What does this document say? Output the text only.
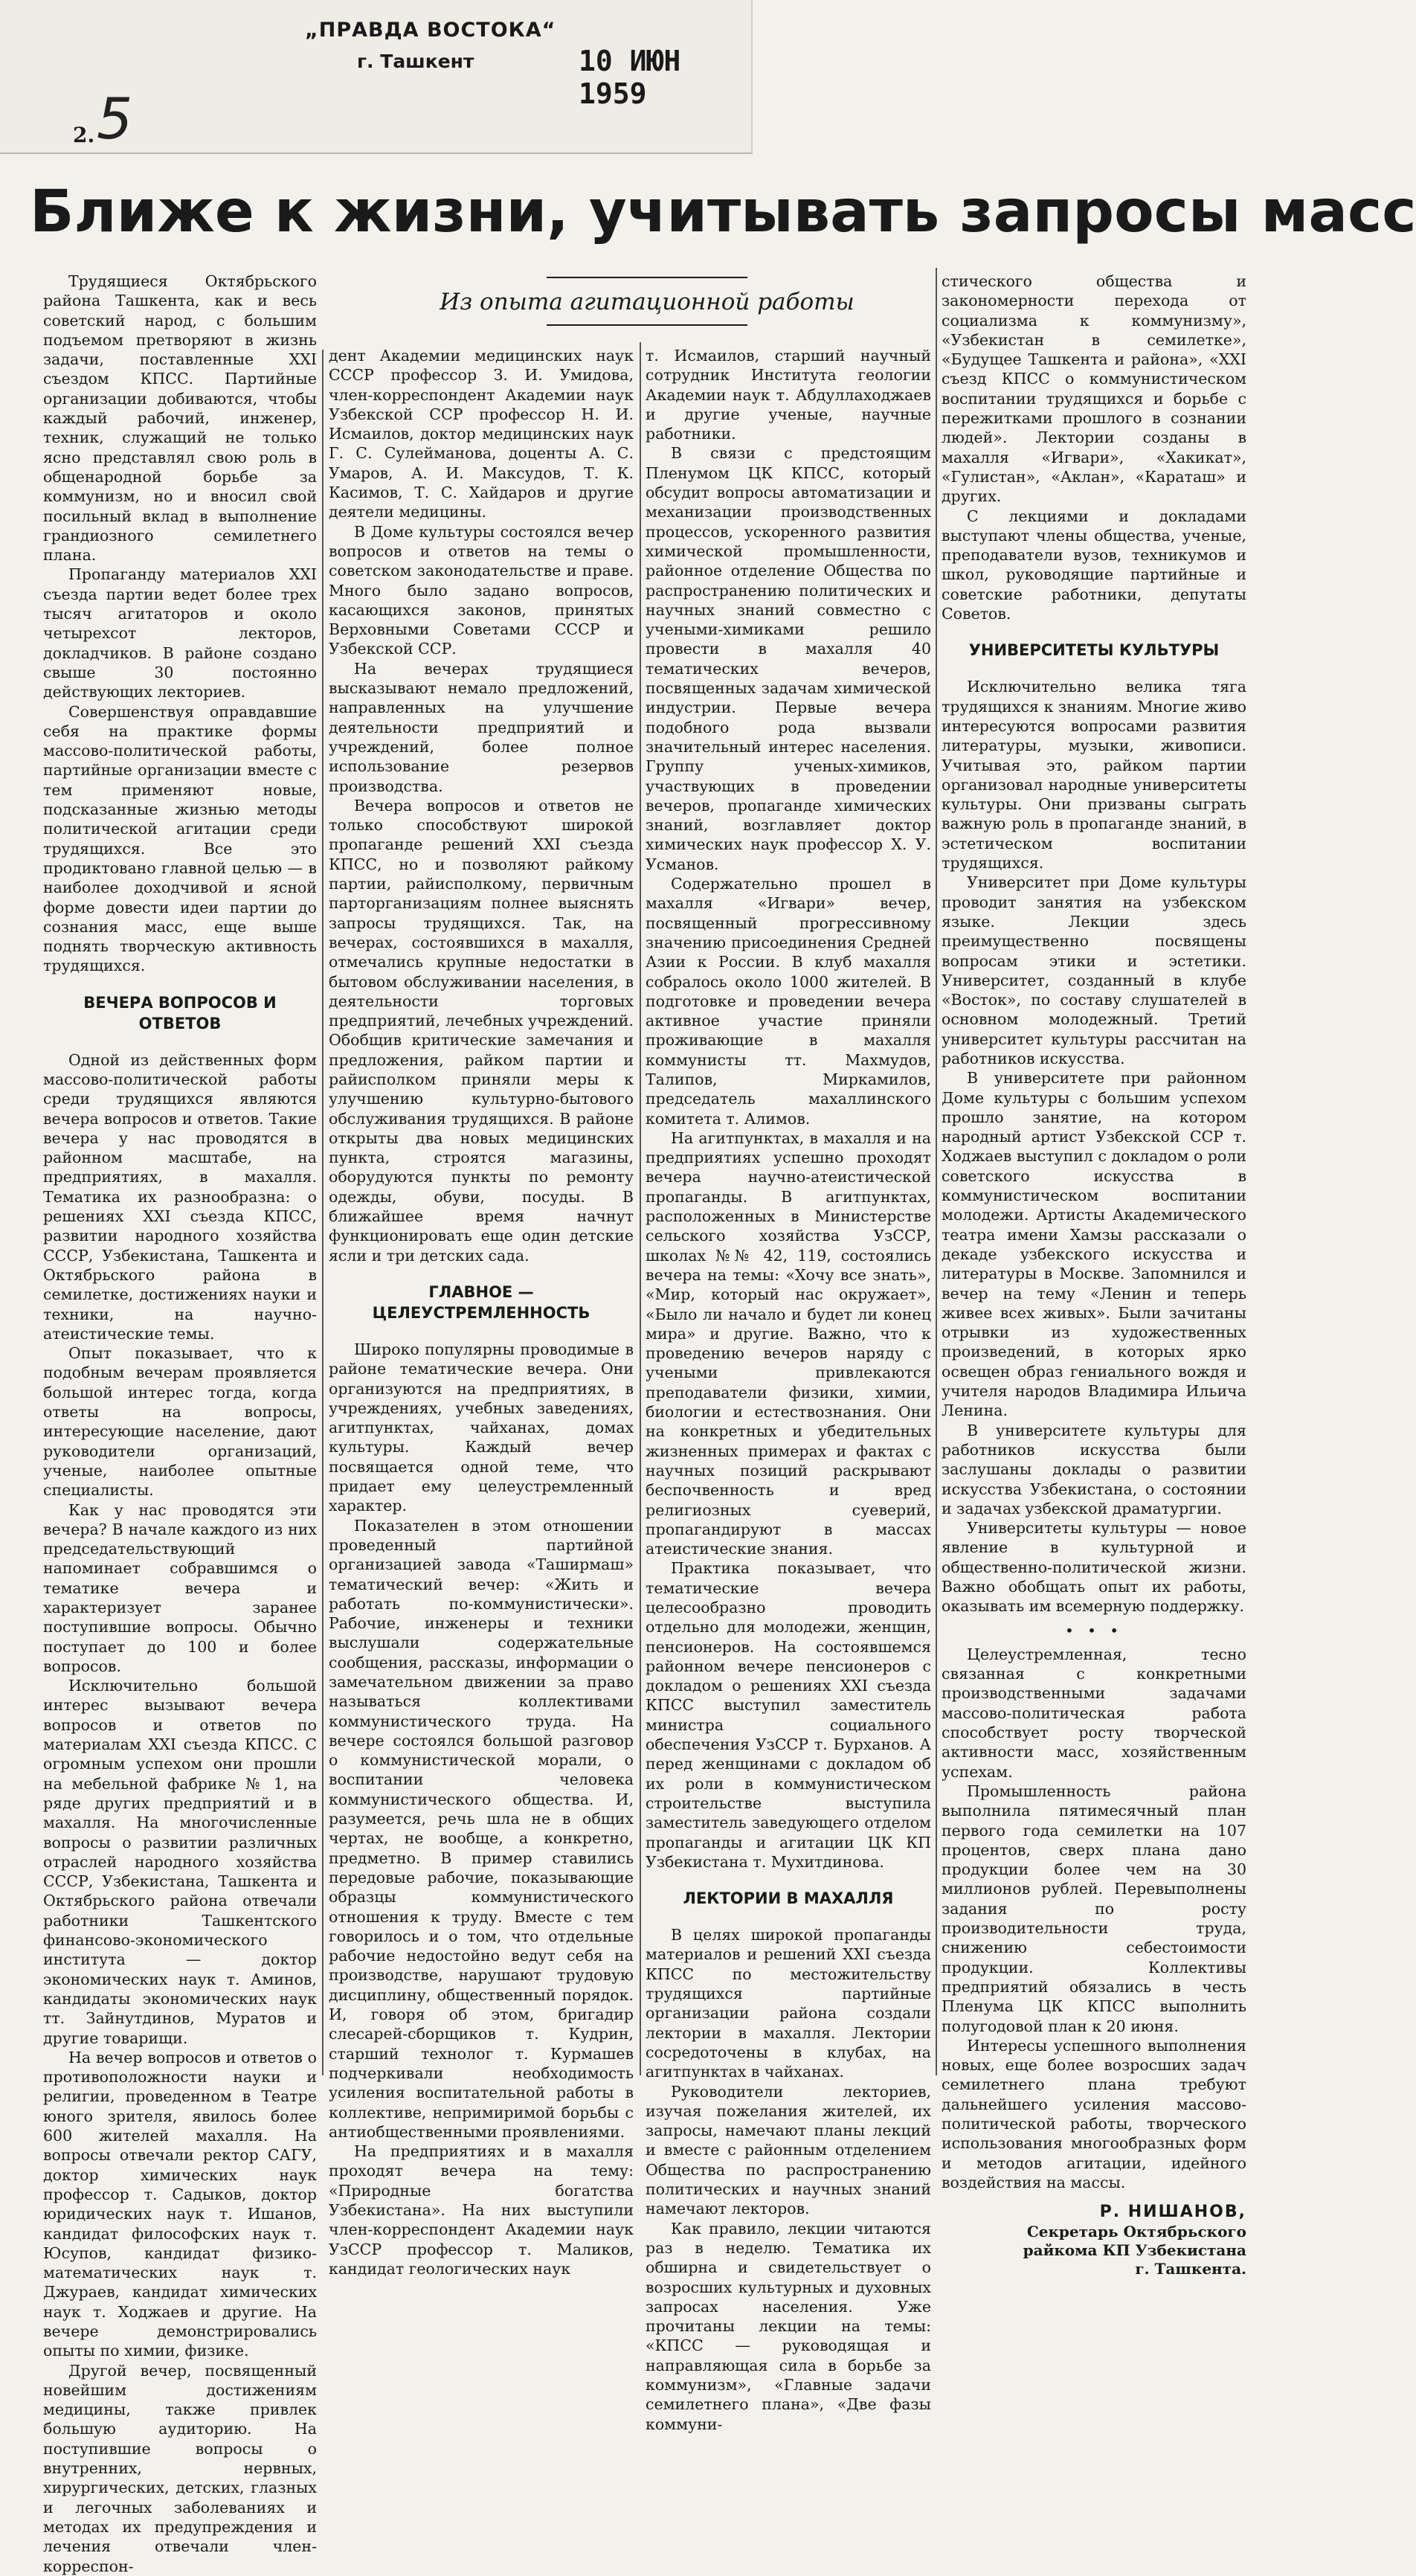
„ПРАВДА ВОСТОКА“
г. Ташкент	10 ИЮН 1959
5
2.
Ближе к жизни, учитывать запросы масс
Из опыта агитационной работы

Трудящиеся Октябрьского района Ташкента, как и весь советский народ, с большим подъемом претворяют в жизнь задачи, поставленные XXI съездом КПСС. Партийные организации добиваются, чтобы каждый рабочий, инженер, техник, служащий не только ясно представлял свою роль в общенародной борьбе за коммунизм, но и вносил свой посильный вклад в выполнение грандиозного семилетнего плана.

Пропаганду материалов XXI съезда партии ведет более трех тысяч агитаторов и около четырехсот лекторов, докладчиков. В районе создано свыше 30 постоянно действующих лекториев.

Совершенствуя оправдавшие себя на практике формы массово-политической работы, партийные организации вместе с тем применяют новые, подсказанные жизнью методы политической агитации среди трудящихся. Все это продиктовано главной целью — в наиболее доходчивой и ясной форме довести идеи партии до сознания масс, еще выше поднять творческую активность трудящихся.

ВЕЧЕРА ВОПРОСОВ И ОТВЕТОВ

Одной из действенных форм массово-политической работы среди трудящихся являются вечера вопросов и ответов. Такие вечера у нас проводятся в районном масштабе, на предприятиях, в махалля. Тематика их разнообразна: о решениях XXI съезда КПСС, развитии народного хозяйства СССР, Узбекистана, Ташкента и Октябрьского района в семилетке, достижениях науки и техники, на научно-атеистические темы.

Опыт показывает, что к подобным вечерам проявляется большой интерес тогда, когда ответы на вопросы, интересующие население, дают руководители организаций, ученые, наиболее опытные специалисты.

Как у нас проводятся эти вечера? В начале каждого из них председательствующий напоминает собравшимся о тематике вечера и характеризует заранее поступившие вопросы. Обычно поступает до 100 и более вопросов.

Исключительно большой интерес вызывают вечера вопросов и ответов по материалам XXI съезда КПСС. С огромным успехом они прошли на мебельной фабрике № 1, на ряде других предприятий и в махалля. На многочисленные вопросы о развитии различных отраслей народного хозяйства СССР, Узбекистана, Ташкента и Октябрьского района отвечали работники Ташкентского финансово-экономического института — доктор экономических наук т. Аминов, кандидаты экономических наук тт. Зайнутдинов, Муратов и другие товарищи.

На вечер вопросов и ответов о противоположности науки и религии, проведенном в Театре юного зрителя, явилось более 600 жителей махалля. На вопросы отвечали ректор САГУ, доктор химических наук профессор т. Садыков, доктор юридических наук т. Ишанов, кандидат философских наук т. Юсупов, кандидат физико-математических наук т. Джураев, кандидат химических наук т. Ходжаев и другие. На вечере демонстрировались опыты по химии, физике.

Другой вечер, посвященный новейшим достижениям медицины, также привлек большую аудиторию. На поступившие вопросы о внутренних, нервных, хирургических, детских, глазных и легочных заболеваниях и методах их предупреждения и лечения отвечали член-корреспон-

дент Академии медицинских наук СССР профессор З. И. Умидова, член-корреспондент Академии наук Узбекской ССР профессор Н. И. Исмаилов, доктор медицинских наук Г. С. Сулейманова, доценты А. С. Умаров, А. И. Максудов, Т. К. Касимов, Т. С. Хайдаров и другие деятели медицины.

В Доме культуры состоялся вечер вопросов и ответов на темы о советском законодательстве и праве. Много было задано вопросов, касающихся законов, принятых Верховными Советами СССР и Узбекской ССР.

На вечерах трудящиеся высказывают немало предложений, направленных на улучшение деятельности предприятий и учреждений, более полное использование резервов производства.

Вечера вопросов и ответов не только способствуют широкой пропаганде решений XXI съезда КПСС, но и позволяют райкому партии, райисполкому, первичным парторганизациям полнее выяснять запросы трудящихся. Так, на вечерах, состоявшихся в махалля, отмечались крупные недостатки в бытовом обслуживании населения, в деятельности торговых предприятий, лечебных учреждений. Обобщив критические замечания и предложения, райком партии и райисполком приняли меры к улучшению культурно-бытового обслуживания трудящихся. В районе открыты два новых медицинских пункта, строятся магазины, оборудуются пункты по ремонту одежды, обуви, посуды. В ближайшее время начнут функционировать еще один детские ясли и три детских сада.

ГЛАВНОЕ — ЦЕЛЕУСТРЕМЛЕННОСТЬ

Широко популярны проводимые в районе тематические вечера. Они организуются на предприятиях, в учреждениях, учебных заведениях, агитпунктах, чайханах, домах культуры. Каждый вечер посвящается одной теме, что придает ему целеустремленный характер.

Показателен в этом отношении проведенный партийной организацией завода «Таширмаш» тематический вечер: «Жить и работать по-коммунистически». Рабочие, инженеры и техники выслушали содержательные сообщения, рассказы, информации о замечательном движении за право называться коллективами коммунистического труда. На вечере состоялся большой разговор о коммунистической морали, о воспитании человека коммунистического общества. И, разумеется, речь шла не в общих чертах, не вообще, а конкретно, предметно. В пример ставились передовые рабочие, показывающие образцы коммунистического отношения к труду. Вместе с тем говорилось и о том, что отдельные рабочие недостойно ведут себя на производстве, нарушают трудовую дисциплину, общественный порядок. И, говоря об этом, бригадир слесарей-сборщиков т. Кудрин, старший технолог т. Курмашев подчеркивали необходимость усиления воспитательной работы в коллективе, непримиримой борьбы с антиобщественными проявлениями.

На предприятиях и в махалля проходят вечера на тему: «Природные богатства Узбекистана». На них выступили член-корреспондент Академии наук УзССР профессор т. Маликов, кандидат геологических наук

т. Исмаилов, старший научный сотрудник Института геологии Академии наук т. Абдуллаходжаев и другие ученые, научные работники.

В связи с предстоящим Пленумом ЦК КПСС, который обсудит вопросы автоматизации и механизации производственных процессов, ускоренного развития химической промышленности, районное отделение Общества по распространению политических и научных знаний совместно с учеными-химиками решило провести в махалля 40 тематических вечеров, посвященных задачам химической индустрии. Первые вечера подобного рода вызвали значительный интерес населения. Группу ученых-химиков, участвующих в проведении вечеров, пропаганде химических знаний, возглавляет доктор химических наук профессор Х. У. Усманов.

Содержательно прошел в махалля «Игвари» вечер, посвященный прогрессивному значению присоединения Средней Азии к России. В клуб махалля собралось около 1000 жителей. В подготовке и проведении вечера активное участие приняли проживающие в махалля коммунисты тт. Махмудов, Талипов, Миркамилов, председатель махаллинского комитета т. Алимов.

На агитпунктах, в махалля и на предприятиях успешно проходят вечера научно-атеистической пропаганды. В агитпунктах, расположенных в Министерстве сельского хозяйства УзССР, школах №№ 42, 119, состоялись вечера на темы: «Хочу все знать», «Мир, который нас окружает», «Было ли начало и будет ли конец мира» и другие. Важно, что к проведению вечеров наряду с учеными привлекаются преподаватели физики, химии, биологии и естествознания. Они на конкретных и убедительных жизненных примерах и фактах с научных позиций раскрывают беспочвенность и вред религиозных суеверий, пропагандируют в массах атеистические знания.

Практика показывает, что тематические вечера целесообразно проводить отдельно для молодежи, женщин, пенсионеров. На состоявшемся районном вечере пенсионеров с докладом о решениях XXI съезда КПСС выступил заместитель министра социального обеспечения УзССР т. Бурханов. А перед женщинами с докладом об их роли в коммунистическом строительстве выступила заместитель заведующего отделом пропаганды и агитации ЦК КП Узбекистана т. Мухитдинова.

ЛЕКТОРИИ В МАХАЛЛЯ

В целях широкой пропаганды материалов и решений XXI съезда КПСС по местожительству трудящихся партийные организации района создали лектории в махалля. Лектории сосредоточены в клубах, на агитпунктах в чайханах.

Руководители лекториев, изучая пожелания жителей, их запросы, намечают планы лекций и вместе с районным отделением Общества по распространению политических и научных знаний намечают лекторов.

Как правило, лекции читаются раз в неделю. Тематика их обширна и свидетельствует о возросших культурных и духовных запросах населения. Уже прочитаны лекции на темы: «КПСС — руководящая и направляющая сила в борьбе за коммунизм», «Главные задачи семилетнего плана», «Две фазы коммуни-

стического общества и закономерности перехода от социализма к коммунизму», «Узбекистан в семилетке», «Будущее Ташкента и района», «XXI съезд КПСС о коммунистическом воспитании трудящихся и борьбе с пережитками прошлого в сознании людей». Лектории созданы в махалля «Игвари», «Хакикат», «Гулистан», «Аклан», «Караташ» и других.

С лекциями и докладами выступают члены общества, ученые, преподаватели вузов, техникумов и школ, руководящие партийные и советские работники, депутаты Советов.

УНИВЕРСИТЕТЫ КУЛЬТУРЫ

Исключительно велика тяга трудящихся к знаниям. Многие живо интересуются вопросами развития литературы, музыки, живописи. Учитывая это, райком партии организовал народные университеты культуры. Они призваны сыграть важную роль в пропаганде знаний, в эстетическом воспитании трудящихся.

Университет при Доме культуры проводит занятия на узбекском языке. Лекции здесь преимущественно посвящены вопросам этики и эстетики. Университет, созданный в клубе «Восток», по составу слушателей в основном молодежный. Третий университет культуры рассчитан на работников искусства.

В университете при районном Доме культуры с большим успехом прошло занятие, на котором народный артист Узбекской ССР т. Ходжаев выступил с докладом о роли советского искусства в коммунистическом воспитании молодежи. Артисты Академического театра имени Хамзы рассказали о декаде узбекского искусства и литературы в Москве. Запомнился и вечер на тему «Ленин и теперь живее всех живых». Были зачитаны отрывки из художественных произведений, в которых ярко освещен образ гениального вождя и учителя народов Владимира Ильича Ленина.

В университете культуры для работников искусства были заслушаны доклады о развитии искусства Узбекистана, о состоянии и задачах узбекской драматургии.

Университеты культуры — новое явление в культурной и общественно-политической жизни. Важно обобщать опыт их работы, оказывать им всемерную поддержку.

• • •

Целеустремленная, тесно связанная с конкретными производственными задачами массово-политическая работа способствует росту творческой активности масс, хозяйственным успехам.

Промышленность района выполнила пятимесячный план первого года семилетки на 107 процентов, сверх плана дано продукции более чем на 30 миллионов рублей. Перевыполнены задания по росту производительности труда, снижению себестоимости продукции. Коллективы предприятий обязались в честь Пленума ЦК КПСС выполнить полугодовой план к 20 июня.

Интересы успешного выполнения новых, еще более возросших задач семилетнего плана требуют дальнейшего усиления массово-политической работы, творческого использования многообразных форм и методов агитации, идейного воздействия на массы.

Р. НИШАНОВ,
Секретарь Октябрьского
райкома КП Узбекистана
г. Ташкента.
